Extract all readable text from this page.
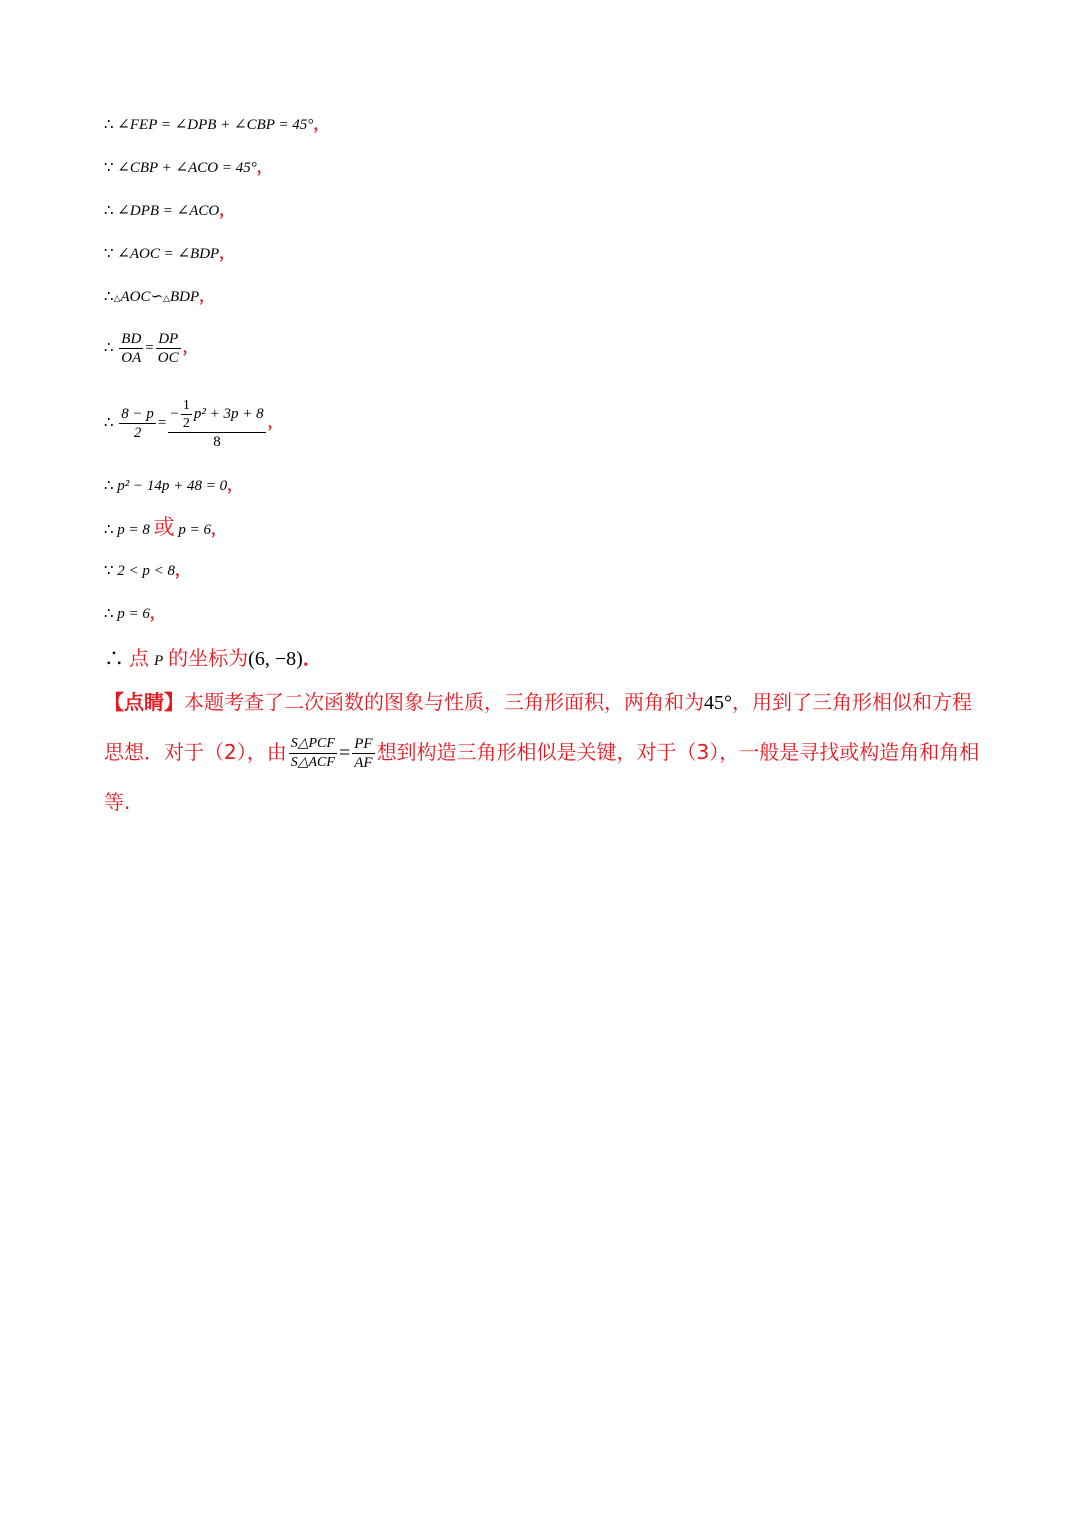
∴ ∠FEP = ∠DPB + ∠CBP = 45°，
∵ ∠CBP + ∠ACO = 45°，
∴ ∠DPB = ∠ACO，
∵ ∠AOC = ∠BDP，
∴△AOC∽△BDP，
∴ $\frac{BD}{OA} = \frac{DP}{OC}$ ，
∴ $\frac{8 - p}{2} = \frac{- \frac{1}{2} p^2 + 3p + 8}{8}$ ，
∴ p² − 14p + 48 = 0，
∴ p = 8 或 p = 6，
∵ 2 < p < 8，
∴ p = 6，
∴ 点 P 的坐标为(6, −8)．
【点睛】本题考查了二次函数的图象与性质，三角形面积，两角和为45°，用到了三角形相似和方程思想．对于（2），由 $\frac{\text{S△PCF}}{\text{S△ACF}} = \frac{PF}{AF}$ 想到构造三角形相似是关键，对于（3），一般是寻找或构造角和角相等.
